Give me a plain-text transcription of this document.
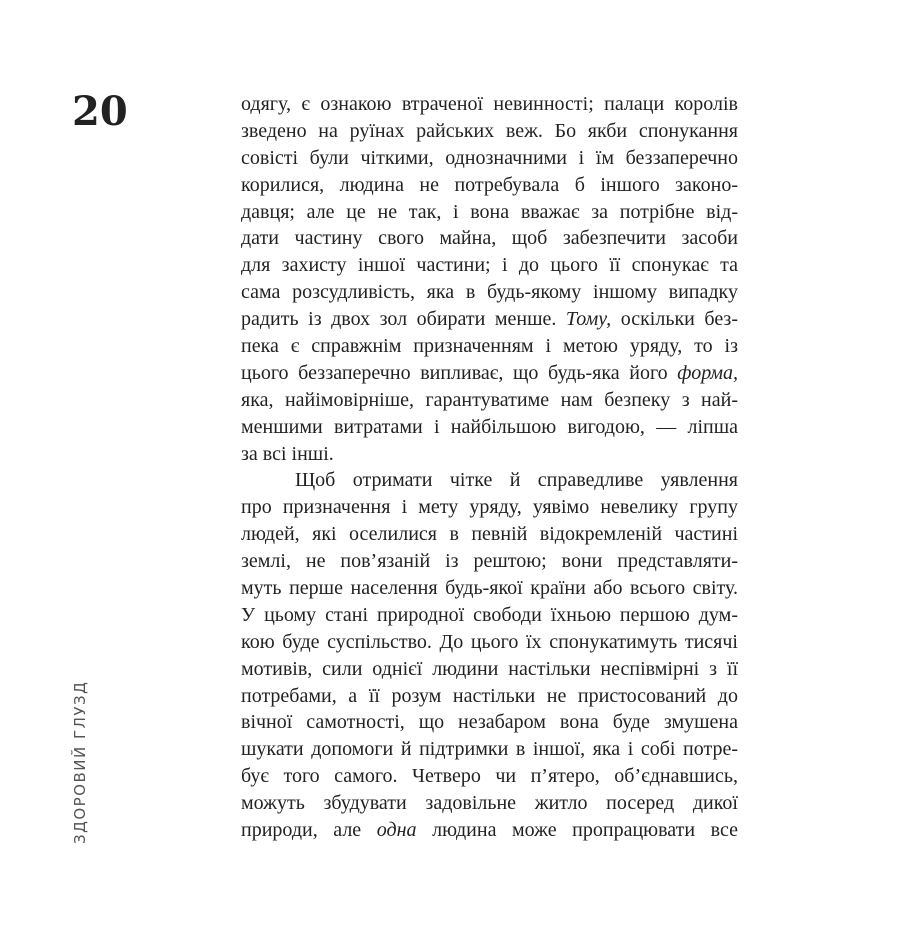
20
ЗДОРОВИЙ ГЛУЗД
одягу, є ознакою втраченої невинності; палаци королів
зведено на руїнах райських веж. Бо якби спонукання
совісті були чіткими, однозначними і їм беззаперечно
корилися, людина не потребувала б іншого законо-
давця; але це не так, і вона вважає за потрібне від-
дати частину свого майна, щоб забезпечити засоби
для захисту іншої частини; і до цього її спонукає та
сама розсудливість, яка в будь-якому іншому випадку
радить із двох зол обирати менше. Тому, оскільки без-
пека є справжнім призначенням і метою уряду, то із
цього беззаперечно випливає, що будь-яка його форма,
яка, найімовірніше, гарантуватиме нам безпеку з най-
меншими витратами і найбільшою вигодою, — ліпша
за всі інші.
Щоб отримати чітке й справедливе уявлення
про призначення і мету уряду, уявімо невелику групу
людей, які оселилися в певній відокремленій частині
землі, не пов’язаній із рештою; вони представляти-
муть перше населення будь-якої країни або всього світу.
У цьому стані природної свободи їхньою першою дум-
кою буде суспільство. До цього їх спонукатимуть тисячі
мотивів, сили однієї людини настільки неспівмірні з її
потребами, а її розум настільки не пристосований до
вічної самотності, що незабаром вона буде змушена
шукати допомоги й підтримки в іншої, яка і собі потре-
бує того самого. Четверо чи п’ятеро, об’єднавшись,
можуть збудувати задовільне житло посеред дикої
природи, але одна людина може пропрацювати все
